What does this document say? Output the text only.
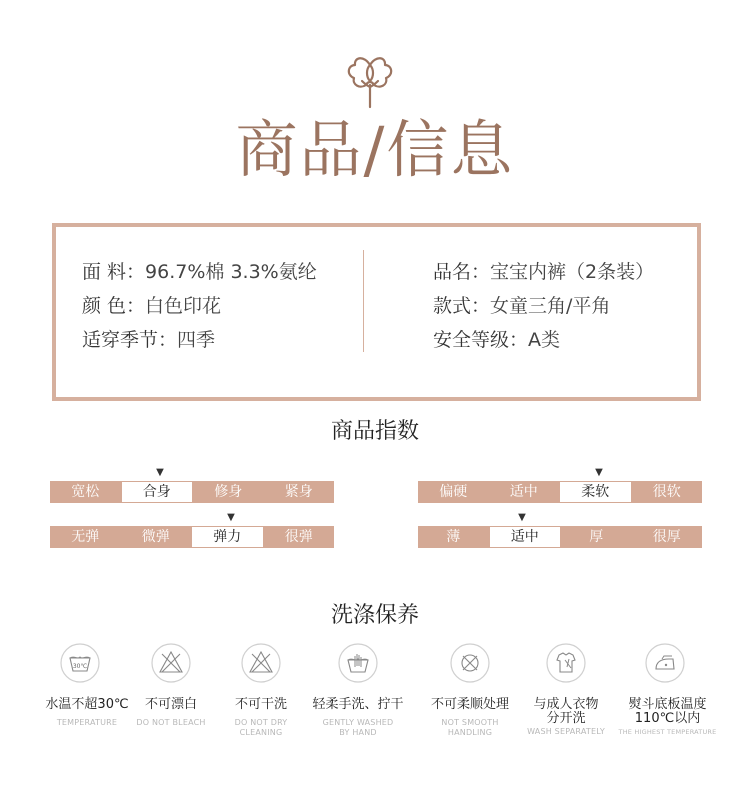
商品/信息
面 料：96.7%棉 3.3%氨纶
颜 色：白色印花
适穿季节：四季
品名：宝宝内裤（2条装）
款式：女童三角/平角
安全等级：A类
商品指数
▼
宽松	合身	修身	紧身
▼
无弹	微弹	弹力	很弹
▼
偏硬	适中	柔软	很软
▼
薄	适中	厚	很厚
洗涤保养
30℃
水温不超30℃
TEMPERATURE
不可漂白
DO NOT BLEACH
不可干洗
DO NOT DRY
CLEANING
轻柔手洗、拧干
GENTLY WASHED
BY HAND
不可柔顺处理
NOT SMOOTH
HANDLING
与成人衣物
分开洗
WASH SEPARATELY
熨斗底板温度
110℃以内
THE HIGHEST TEMPERATURE
